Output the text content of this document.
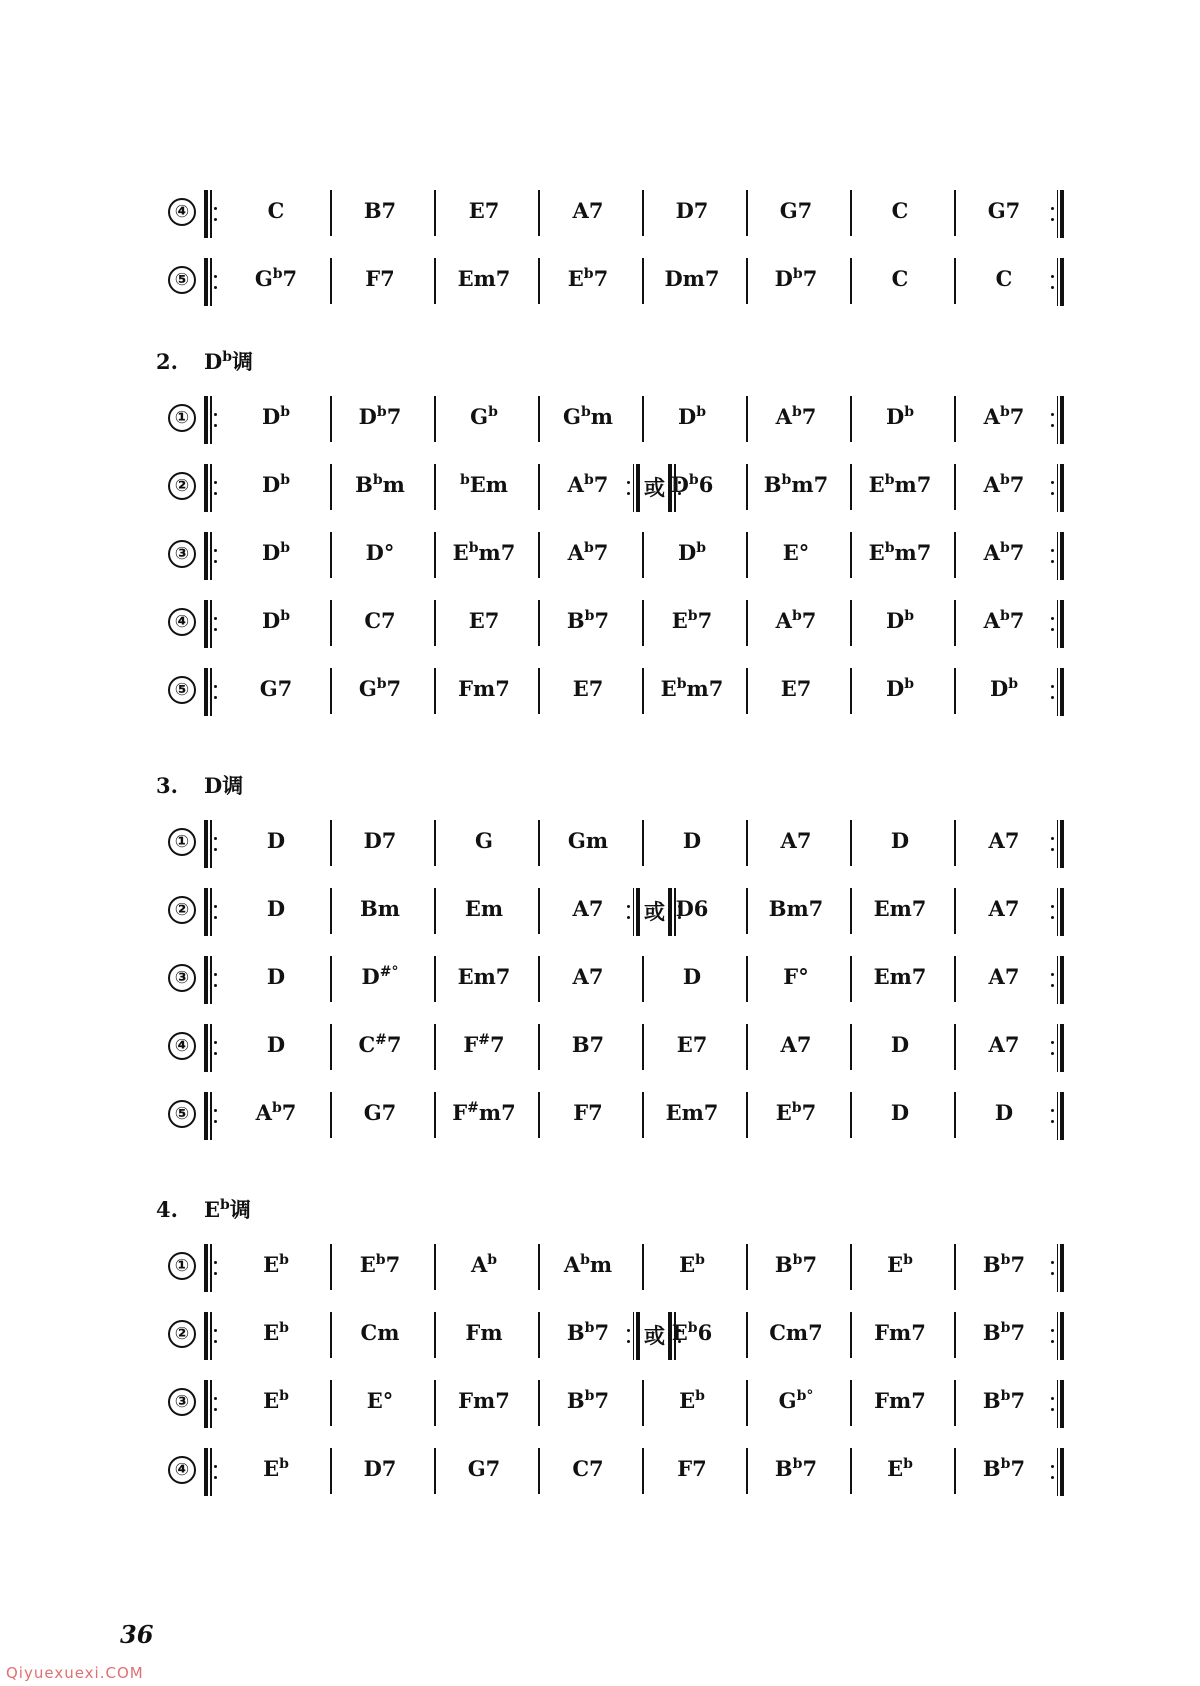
④	C	B7	E7	A7	D7	G7	C	G7
⑤	$G^b7$	F7	Em7	$E^b7$	Dm7	$D^b7$	C	C
2. $D^b$调
①	$D^b$	$D^b7$	$G^b$	$G^bm$	$D^b$	$A^b7$	$D^b$	$A^b7$
②	$D^b$	$B^bm$	$^b$Em	$A^b7$	或 $D^b6$	$B^bm7$	$E^bm7$	$A^b7$
③	$D^b$	D°	$E^bm7$	$A^b7$	$D^b$	E°	$E^bm7$	$A^b7$
④	$D^b$	C7	E7	$B^b7$	$E^b7$	$A^b7$	$D^b$	$A^b7$
⑤	G7	$G^b7$	Fm7	E7	$E^bm7$	E7	$D^b$	$D^b$
3. D调
①	D	D7	G	Gm	D	A7	D	A7
②	D	Bm	Em	A7	或 D6	Bm7	Em7	A7
③	D	D#°	Em7	A7	D	F°	Em7	A7
④	D	C#7	F#7	B7	E7	A7	D	A7
⑤	$A^b7$	G7	F#m7	F7	Em7	$E^b7$	D	D
4. $E^b$调
①	$E^b$	$E^b7$	$A^b$	$A^bm$	$E^b$	$B^b7$	$E^b$	$B^b7$
②	$E^b$	Cm	Fm	$B^b7$	或 $E^b6$	Cm7	Fm7	$B^b7$
③	$E^b$	E°	Fm7	$B^b7$	$E^b$	$G^{b^\circ}$	Fm7	$B^b7$
④	$E^b$	D7	G7	C7	F7	$B^b7$	$E^b$	$B^b7$
36
Qiyuexuexi.COM
